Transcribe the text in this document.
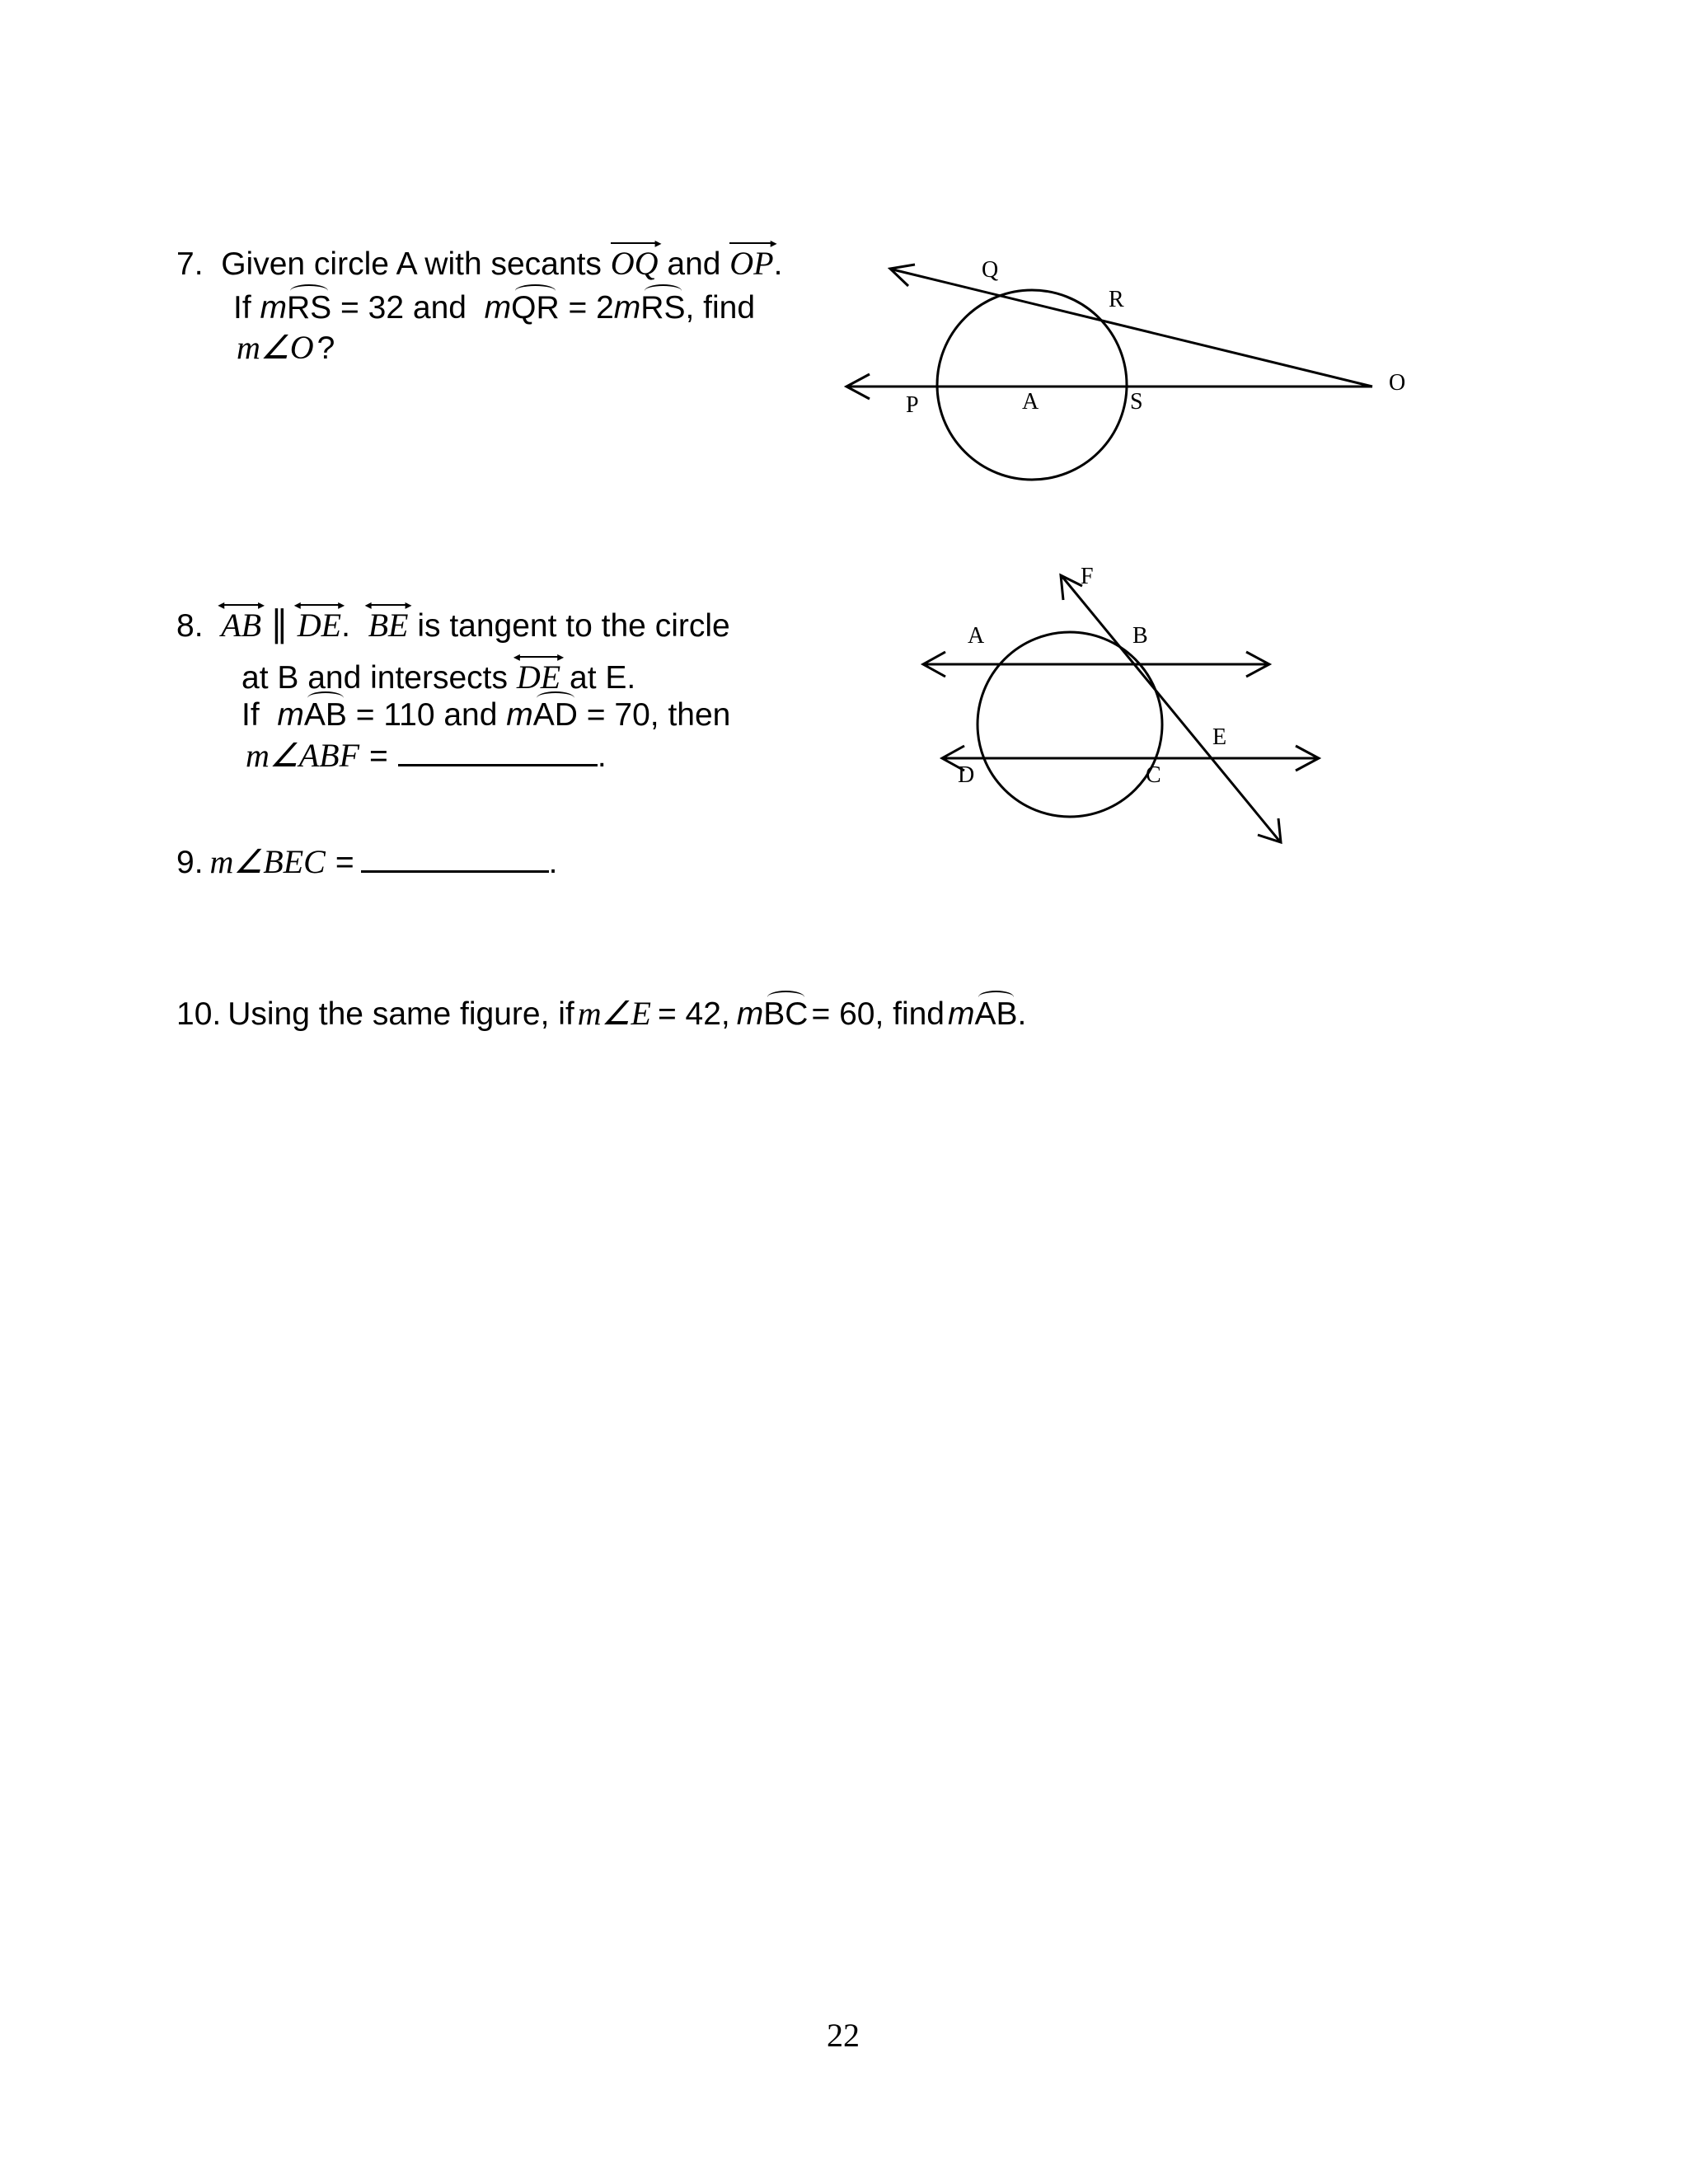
7. Given circle A with secants
▸
OQ and
▸
OP.
If mRS = 32 and mQR = 2mRS, find
m∠O ?
Q
R
O
P	A	S
8.
◂	▸
AB ∥ ◂	▸
DE.
◂	▸
BE is tangent to the circle
at B and intersects
◂	▸
DE at E.
If mAB = 110 and mAD = 70, then
m∠ABF =	.
F
A	B
E
D	C
9. m∠BEC =	.
10. Using the same figure, if m∠E = 42, mBC = 60, find mAB.
22
